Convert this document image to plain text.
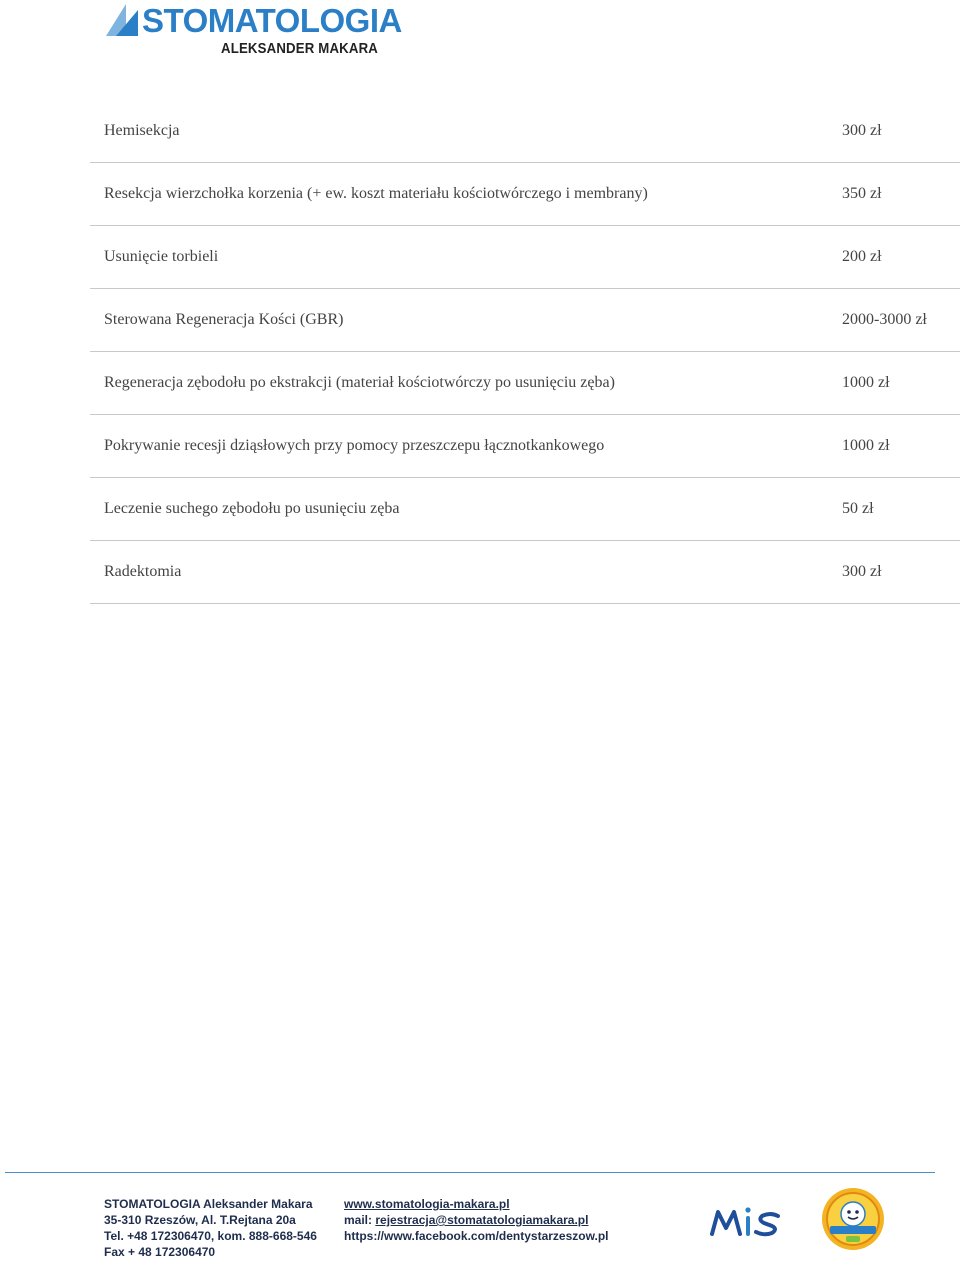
STOMATOLOGIA
ALEKSANDER MAKARA
Hemisekcja	300 zł
Resekcja wierzchołka korzenia (+ ew. koszt materiału kościotwórczego i membrany)	350 zł
Usunięcie torbieli	200 zł
Sterowana Regeneracja Kości (GBR)	2000-3000 zł
Regeneracja zębodołu po ekstrakcji (materiał kościotwórczy po usunięciu zęba)	1000 zł
Pokrywanie recesji dziąsłowych przy pomocy przeszczepu łącznotkankowego	1000 zł
Leczenie suchego zębodołu po usunięciu zęba	50 zł
Radektomia	300 zł
STOMATOLOGIA Aleksander Makara
35-310 Rzeszów, Al. T.Rejtana 20a
Tel. +48 172306470, kom. 888-668-546
Fax + 48 172306470
www.stomatologia-makara.pl
mail: rejestracja@stomatatologiamakara.pl
https://www.facebook.com/dentystarzeszow.pl
